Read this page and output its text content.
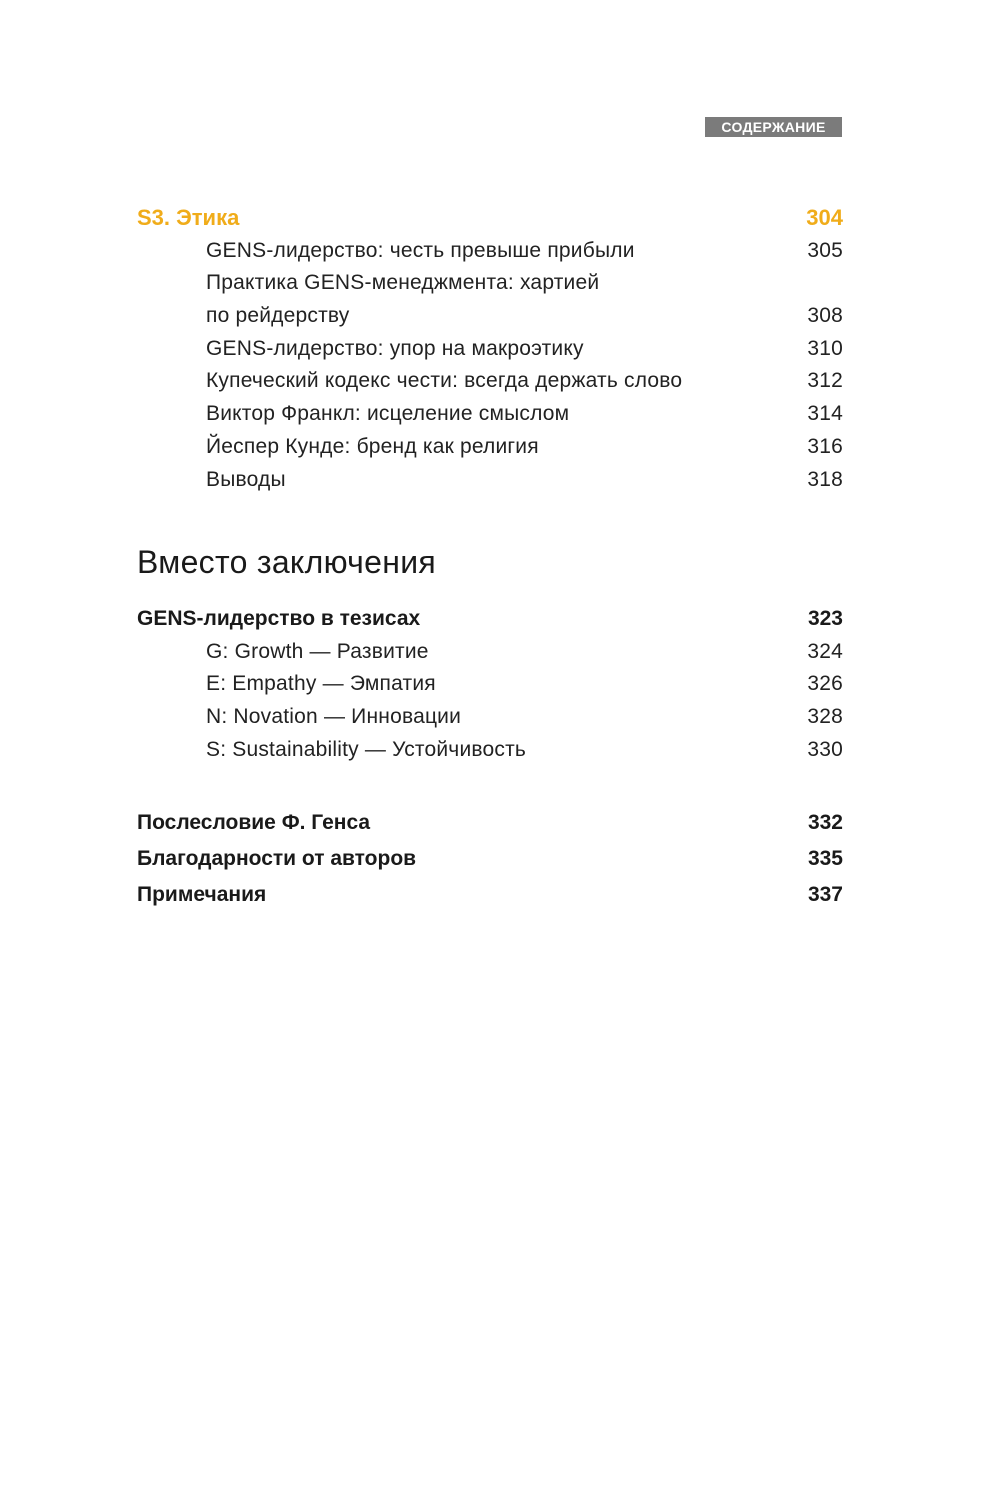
СОДЕРЖАНИЕ
S3. Этика	304
GENS-лидерство: честь превыше прибыли	305
Практика GENS-менеджмента: хартией
по рейдерству	308
GENS-лидерство: упор на макроэтику	310
Купеческий кодекс чести: всегда держать слово	312
Виктор Франкл: исцеление смыслом	314
Йеспер Кунде: бренд как религия	316
Выводы	318
Вместо заключения
GENS-лидерство в тезисах	323
G: Growth — Развитие	324
E: Empathy — Эмпатия	326
N: Novation — Инновации	328
S: Sustainability — Устойчивость	330
Послесловие Ф. Генса	332
Благодарности от авторов	335
Примечания	337
